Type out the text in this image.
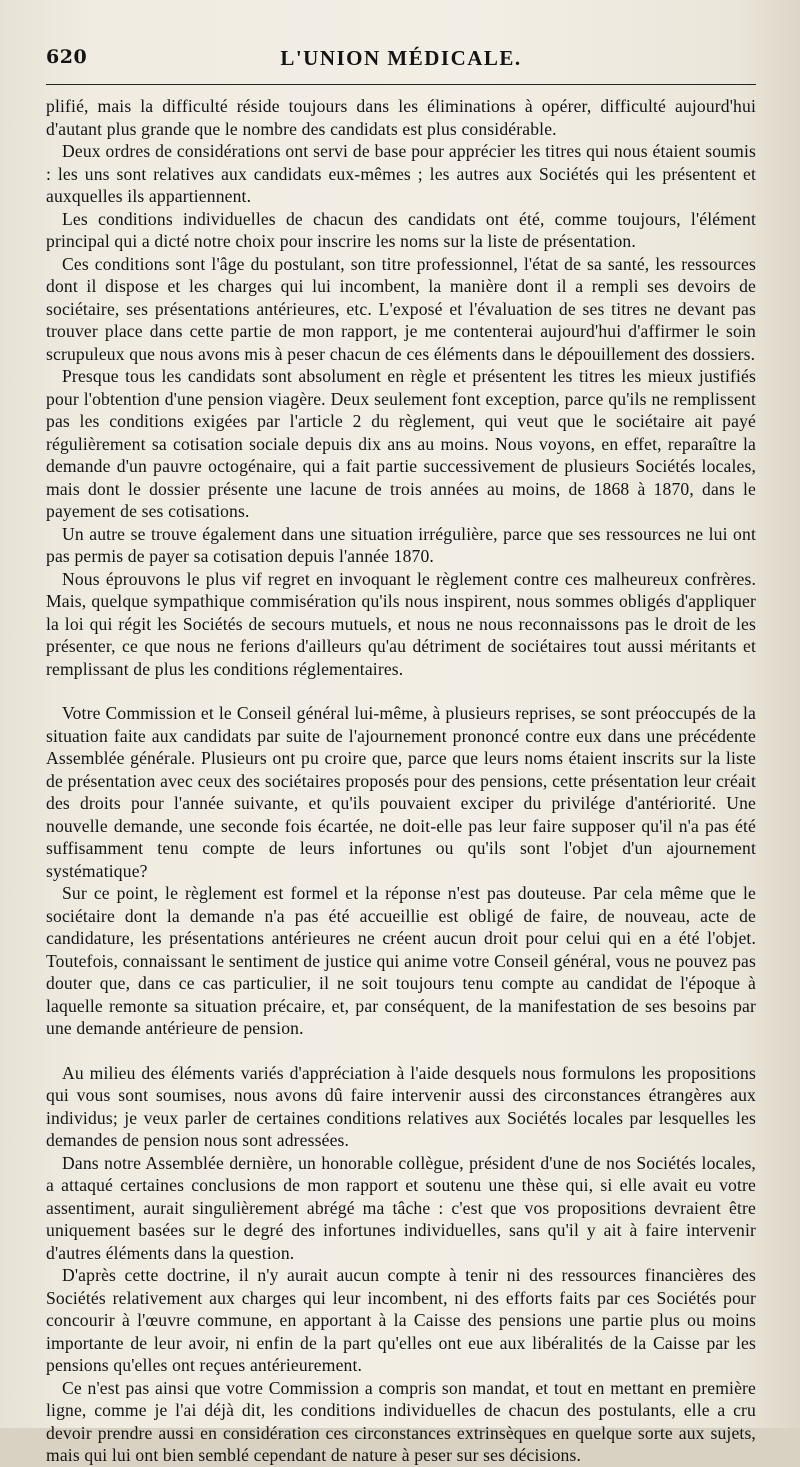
620	L'UNION MÉDICALE.

plifié, mais la difficulté réside toujours dans les éliminations à opérer, difficulté aujourd'hui d'autant plus grande que le nombre des candidats est plus considérable.

Deux ordres de considérations ont servi de base pour apprécier les titres qui nous étaient soumis : les uns sont relatives aux candidats eux-mêmes ; les autres aux Sociétés qui les présentent et auxquelles ils appartiennent.

Les conditions individuelles de chacun des candidats ont été, comme toujours, l'élément principal qui a dicté notre choix pour inscrire les noms sur la liste de présentation.

Ces conditions sont l'âge du postulant, son titre professionnel, l'état de sa santé, les ressources dont il dispose et les charges qui lui incombent, la manière dont il a rempli ses devoirs de sociétaire, ses présentations antérieures, etc. L'exposé et l'évaluation de ses titres ne devant pas trouver place dans cette partie de mon rapport, je me contenterai aujourd'hui d'affirmer le soin scrupuleux que nous avons mis à peser chacun de ces éléments dans le dépouillement des dossiers.

Presque tous les candidats sont absolument en règle et présentent les titres les mieux justifiés pour l'obtention d'une pension viagère. Deux seulement font exception, parce qu'ils ne remplissent pas les conditions exigées par l'article 2 du règlement, qui veut que le sociétaire ait payé régulièrement sa cotisation sociale depuis dix ans au moins. Nous voyons, en effet, reparaître la demande d'un pauvre octogénaire, qui a fait partie successivement de plusieurs Sociétés locales, mais dont le dossier présente une lacune de trois années au moins, de 1868 à 1870, dans le payement de ses cotisations.

Un autre se trouve également dans une situation irrégulière, parce que ses ressources ne lui ont pas permis de payer sa cotisation depuis l'année 1870.

Nous éprouvons le plus vif regret en invoquant le règlement contre ces malheureux confrères. Mais, quelque sympathique commisération qu'ils nous inspirent, nous sommes obligés d'appliquer la loi qui régit les Sociétés de secours mutuels, et nous ne nous reconnaissons pas le droit de les présenter, ce que nous ne ferions d'ailleurs qu'au détriment de sociétaires tout aussi méritants et remplissant de plus les conditions réglementaires.

Votre Commission et le Conseil général lui-même, à plusieurs reprises, se sont préoccupés de la situation faite aux candidats par suite de l'ajournement prononcé contre eux dans une précédente Assemblée générale. Plusieurs ont pu croire que, parce que leurs noms étaient inscrits sur la liste de présentation avec ceux des sociétaires proposés pour des pensions, cette présentation leur créait des droits pour l'année suivante, et qu'ils pouvaient exciper du privilége d'antériorité. Une nouvelle demande, une seconde fois écartée, ne doit-elle pas leur faire supposer qu'il n'a pas été suffisamment tenu compte de leurs infortunes ou qu'ils sont l'objet d'un ajournement systématique?

Sur ce point, le règlement est formel et la réponse n'est pas douteuse. Par cela même que le sociétaire dont la demande n'a pas été accueillie est obligé de faire, de nouveau, acte de candidature, les présentations antérieures ne créent aucun droit pour celui qui en a été l'objet. Toutefois, connaissant le sentiment de justice qui anime votre Conseil général, vous ne pouvez pas douter que, dans ce cas particulier, il ne soit toujours tenu compte au candidat de l'époque à laquelle remonte sa situation précaire, et, par conséquent, de la manifestation de ses besoins par une demande antérieure de pension.

Au milieu des éléments variés d'appréciation à l'aide desquels nous formulons les propositions qui vous sont soumises, nous avons dû faire intervenir aussi des circonstances étrangères aux individus; je veux parler de certaines conditions relatives aux Sociétés locales par lesquelles les demandes de pension nous sont adressées.

Dans notre Assemblée dernière, un honorable collègue, président d'une de nos Sociétés locales, a attaqué certaines conclusions de mon rapport et soutenu une thèse qui, si elle avait eu votre assentiment, aurait singulièrement abrégé ma tâche : c'est que vos propositions devraient être uniquement basées sur le degré des infortunes individuelles, sans qu'il y ait à faire intervenir d'autres éléments dans la question.

D'après cette doctrine, il n'y aurait aucun compte à tenir ni des ressources financières des Sociétés relativement aux charges qui leur incombent, ni des efforts faits par ces Sociétés pour concourir à l'œuvre commune, en apportant à la Caisse des pensions une partie plus ou moins importante de leur avoir, ni enfin de la part qu'elles ont eue aux libéralités de la Caisse par les pensions qu'elles ont reçues antérieurement.

Ce n'est pas ainsi que votre Commission a compris son mandat, et tout en mettant en première ligne, comme je l'ai déjà dit, les conditions individuelles de chacun des postulants, elle a cru devoir prendre aussi en considération ces circonstances extrinsèques en quelque sorte aux sujets, mais qui lui ont bien semblé cependant de nature à peser sur ses décisions.
